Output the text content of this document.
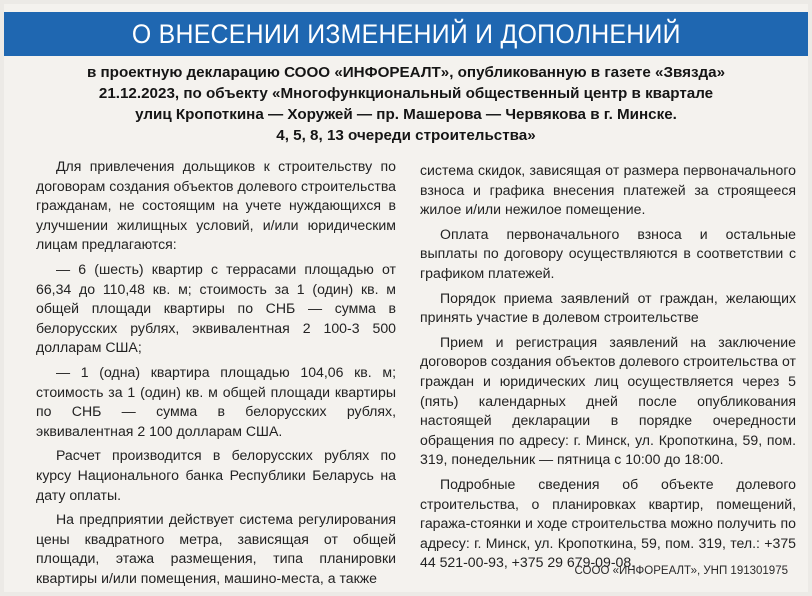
О ВНЕСЕНИИ ИЗМЕНЕНИЙ И ДОПОЛНЕНИЙ
в проектную декларацию СООО «ИНФОРЕАЛТ», опубликованную в газете «Звязда»
21.12.2023, по объекту «Многофункциональный общественный центр в квартале
улиц Кропоткина — Хоружей — пр. Машерова — Червякова в г. Минске.
4, 5, 8, 13 очереди строительства»

Для привлечения дольщиков к строительству по договорам создания объектов долевого строительства гражданам, не состоящим на учете нуждающихся в улучшении жилищных условий, и/или юридическим лицам предлагаются:

— 6 (шесть) квартир с террасами площадью от 66,34 до 110,48 кв. м; стоимость за 1 (один) кв. м общей площади квартиры по СНБ — сумма в белорусских рублях, эквивалентная 2 100-3 500 долларам США;

— 1 (одна) квартира площадью 104,06 кв. м; стоимость за 1 (один) кв. м общей площади квартиры по СНБ — сумма в белорусских рублях, эквивалентная 2 100 долларам США.

Расчет производится в белорусских рублях по курсу Национального банка Республики Беларусь на дату оплаты.

На предприятии действует система регулирования цены квадратного метра, зависящая от общей площади, этажа размещения, типа планировки квартиры и/или помещения, машино-места, а также

система скидок, зависящая от размера первоначального взноса и графика внесения платежей за строящееся жилое и/или нежилое помещение.

Оплата первоначального взноса и остальные выплаты по договору осуществляются в соответствии с графиком платежей.

Порядок приема заявлений от граждан, желающих принять участие в долевом строительстве

Прием и регистрация заявлений на заключение договоров создания объектов долевого строительства от граждан и юридических лиц осуществляется через 5 (пять) календарных дней после опубликования настоящей декларации в порядке очередности обращения по адресу: г. Минск, ул. Кропоткина, 59, пом. 319, понедельник — пятница с 10:00 до 18:00.

Подробные сведения об объекте долевого строительства, о планировках квартир, помещений, гаража-стоянки и ходе строительства можно получить по адресу: г. Минск, ул. Кропоткина, 59, пом. 319, тел.: +375 44 521-00-93, +375 29 679-09-08.

СООО «ИНФОРЕАЛТ», УНП 191301975
